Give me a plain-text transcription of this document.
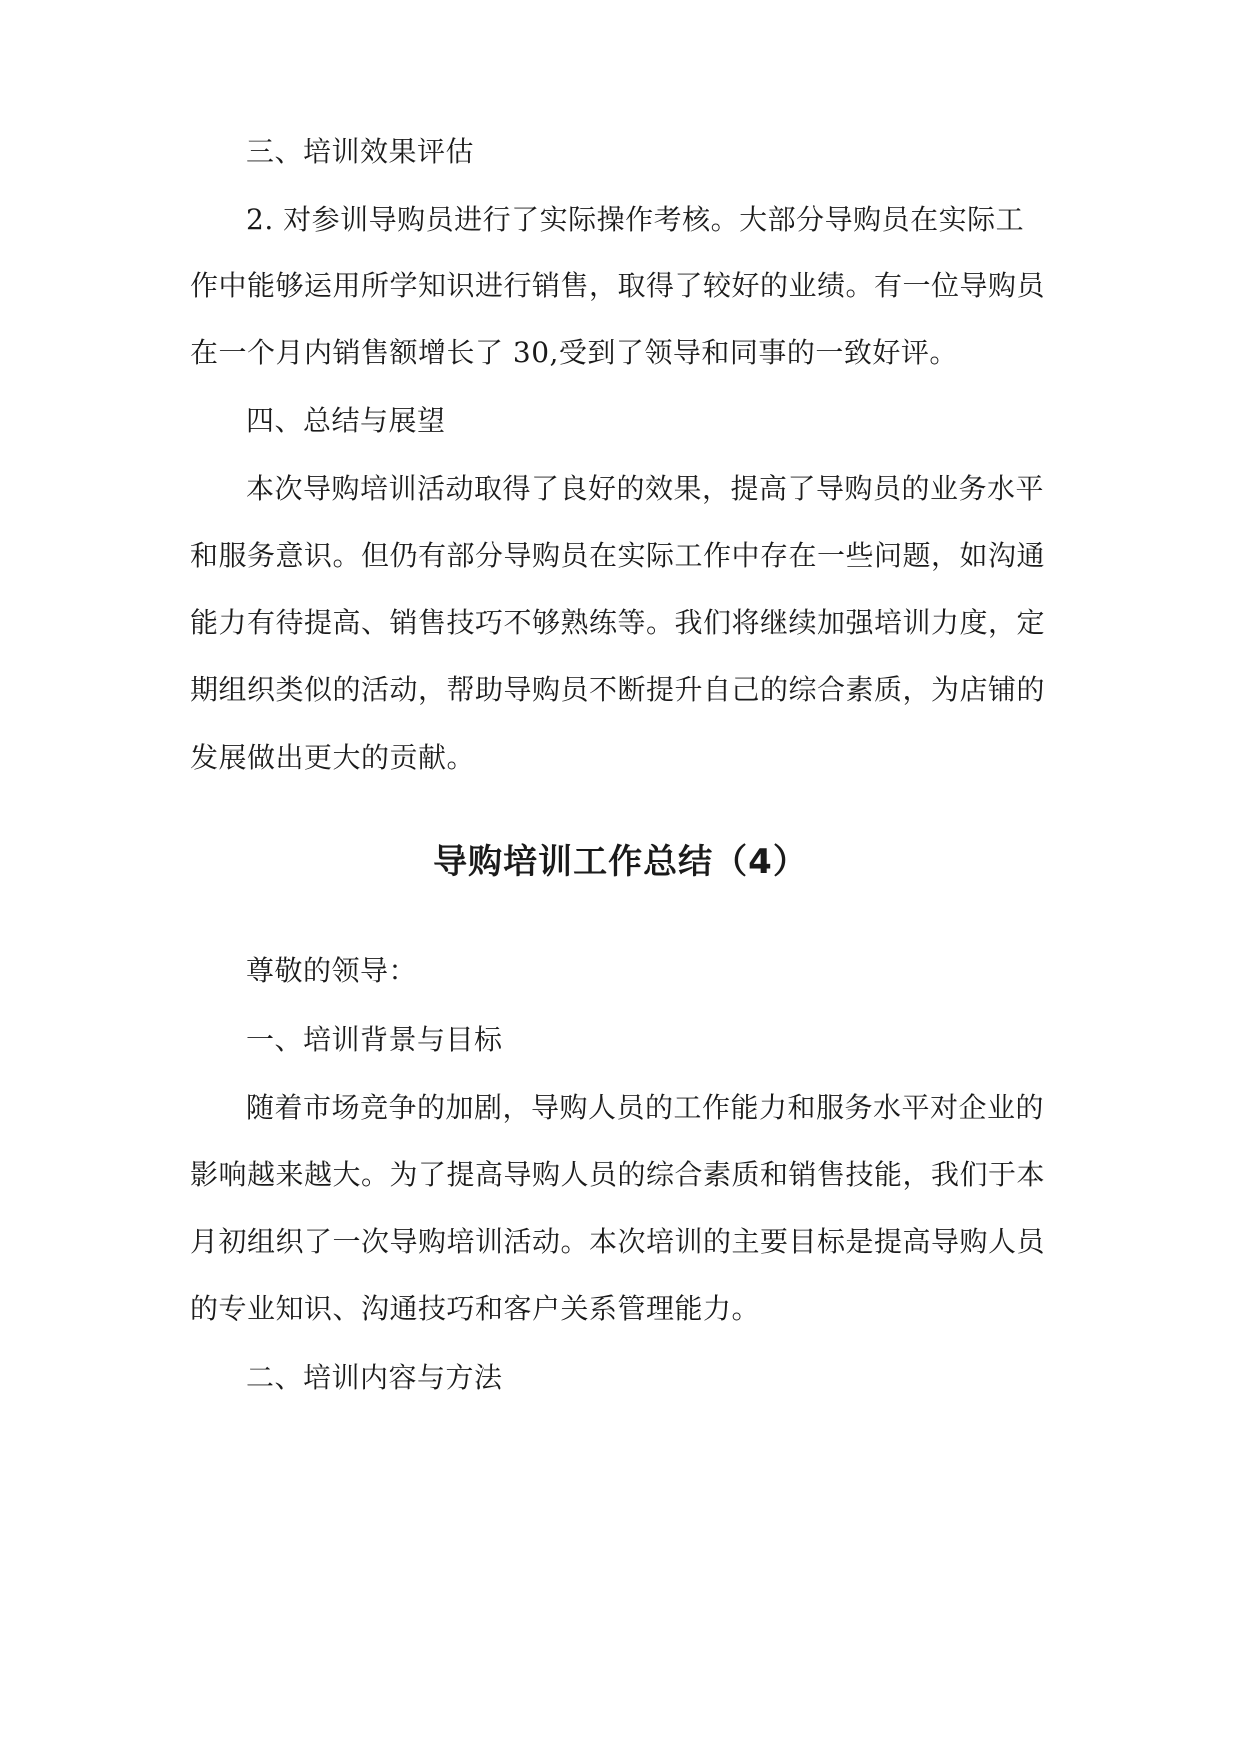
三、培训效果评估

2. 对参训导购员进行了实际操作考核。大部分导购员在实际工

作中能够运用所学知识进行销售，取得了较好的业绩。有一位导购员

在一个月内销售额增长了 30,受到了领导和同事的一致好评。

四、总结与展望

本次导购培训活动取得了良好的效果，提高了导购员的业务水平

和服务意识。但仍有部分导购员在实际工作中存在一些问题，如沟通

能力有待提高、销售技巧不够熟练等。我们将继续加强培训力度，定

期组织类似的活动，帮助导购员不断提升自己的综合素质，为店铺的

发展做出更大的贡献。

导购培训工作总结（4）

尊敬的领导：

一、培训背景与目标

随着市场竞争的加剧，导购人员的工作能力和服务水平对企业的

影响越来越大。为了提高导购人员的综合素质和销售技能，我们于本

月初组织了一次导购培训活动。本次培训的主要目标是提高导购人员

的专业知识、沟通技巧和客户关系管理能力。

二、培训内容与方法
